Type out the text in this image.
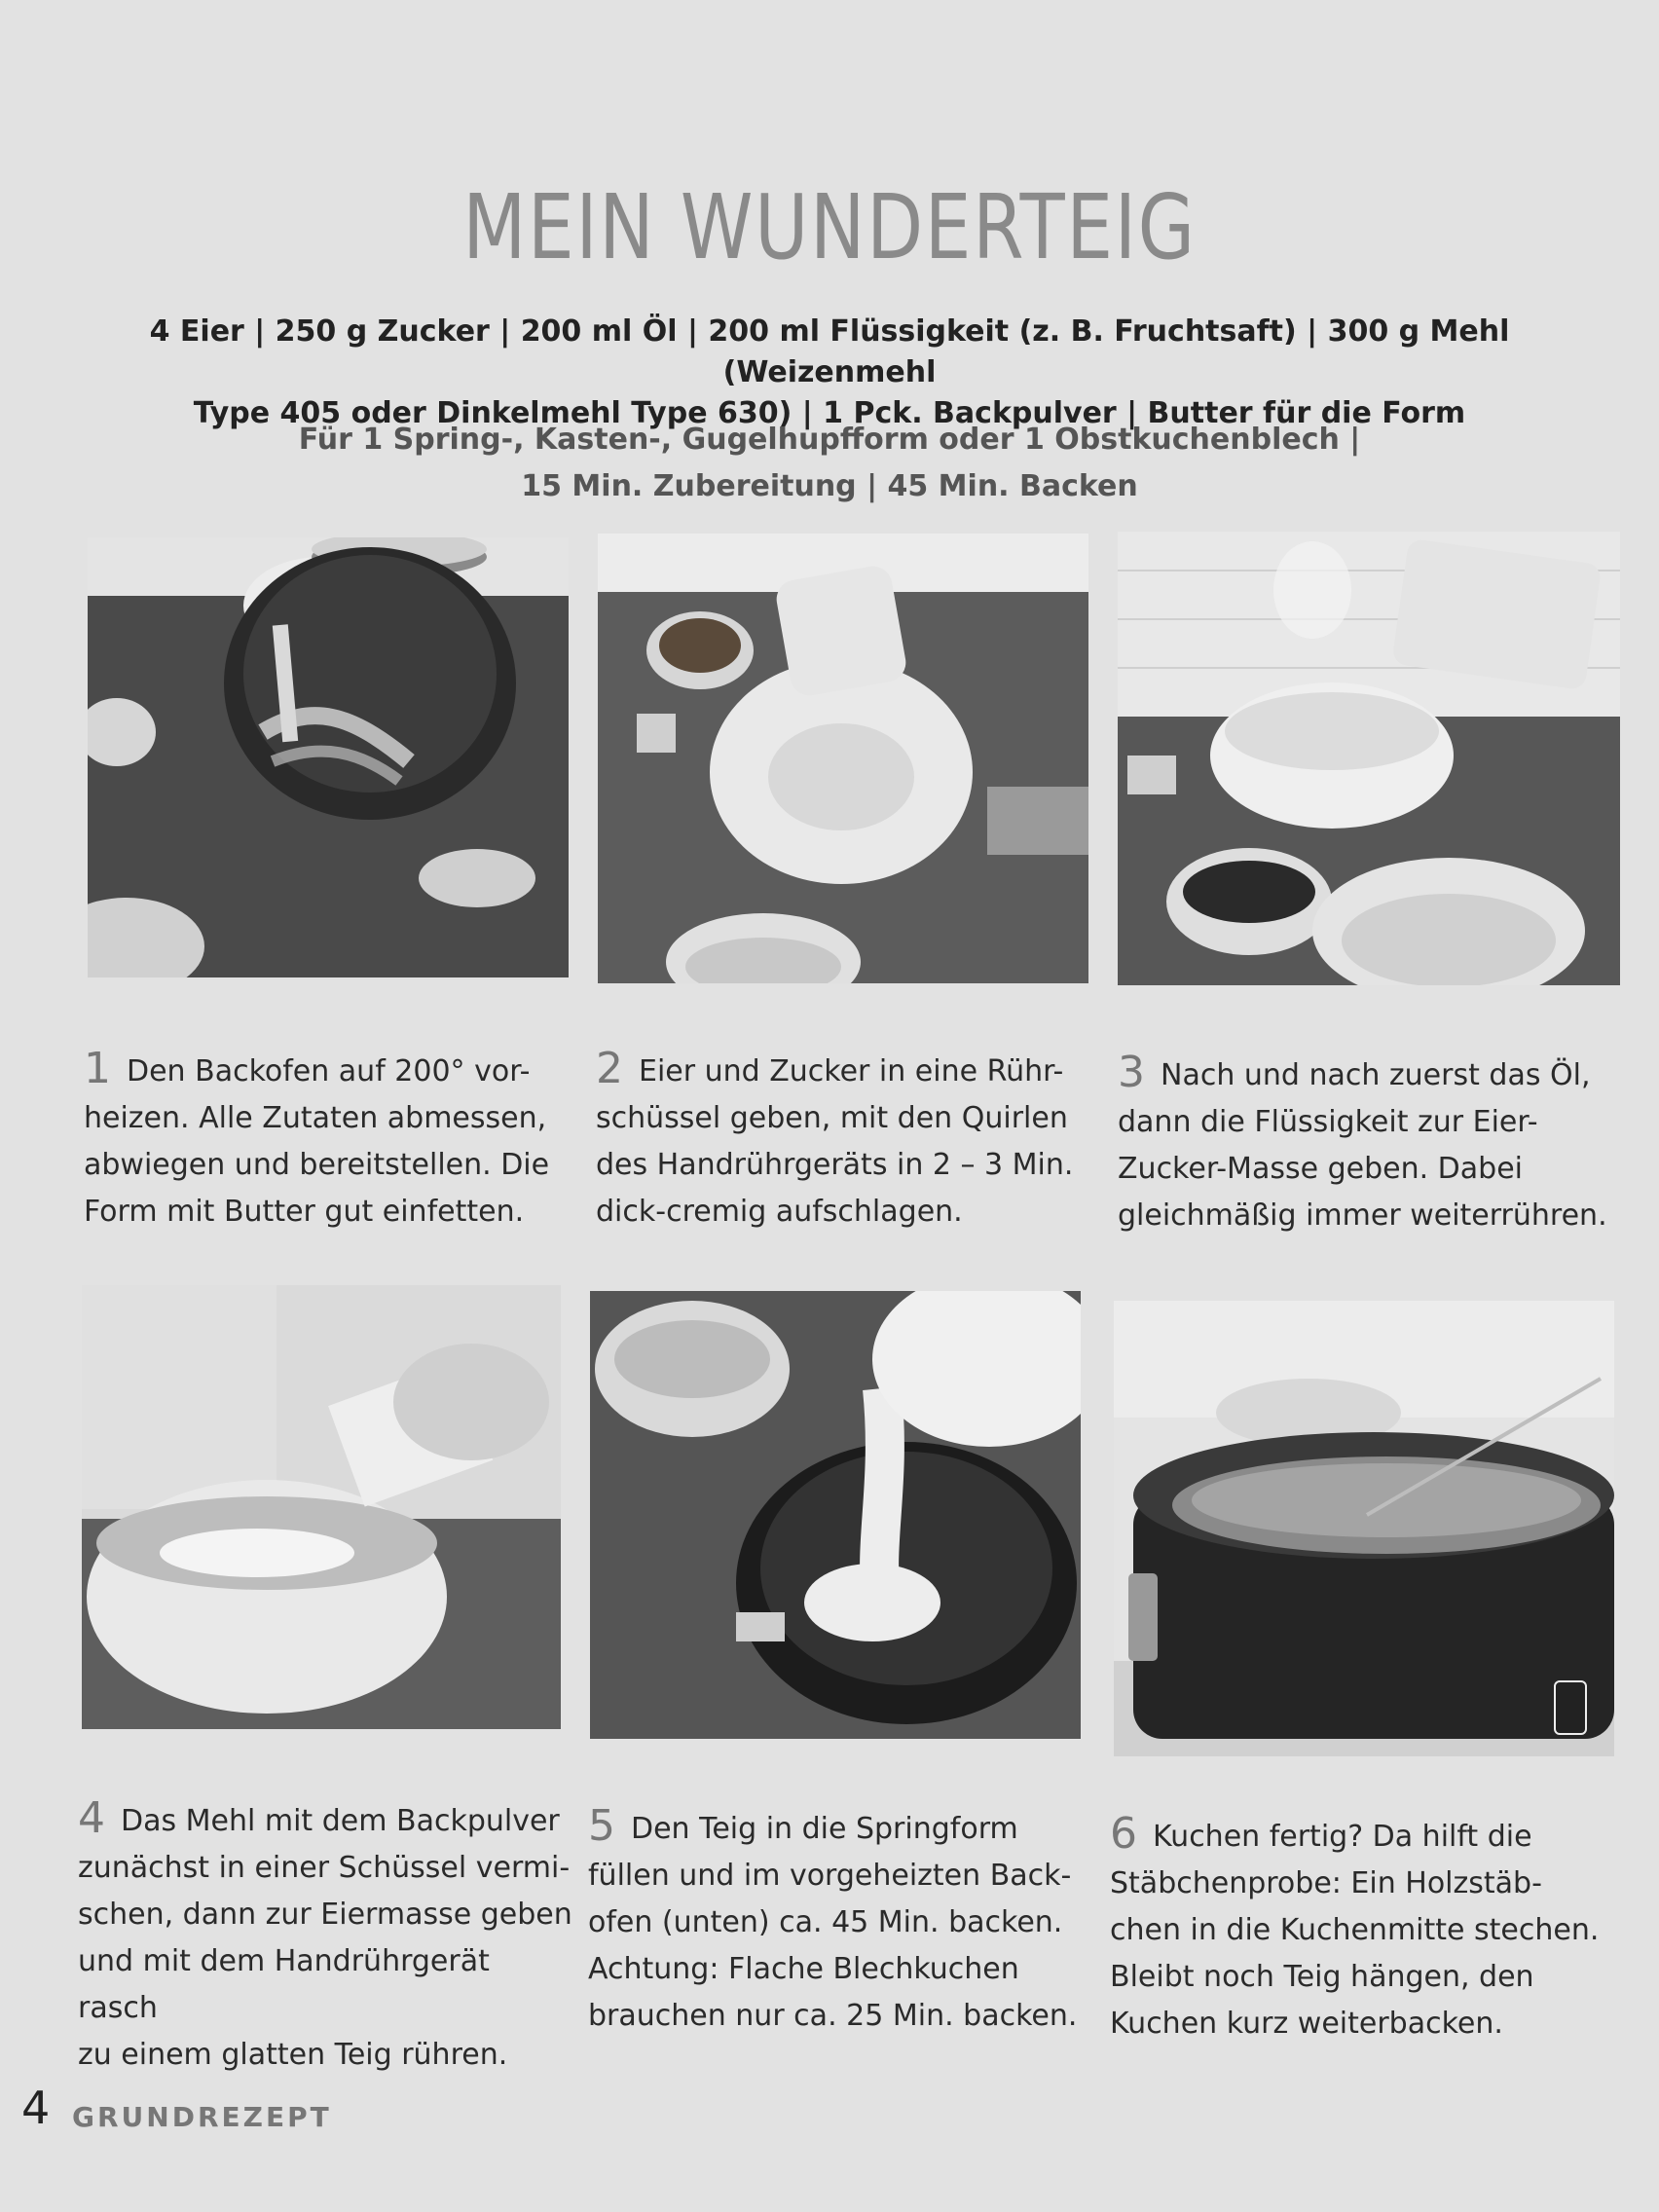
MEIN WUNDERTEIG
4 Eier | 250 g Zucker | 200 ml Öl | 200 ml Flüssigkeit (z. B. Fruchtsaft) | 300 g Mehl (Weizenmehl
Type 405 oder Dinkelmehl Type 630) | 1 Pck. Backpulver | Butter für die Form
Für 1 Spring-, Kasten-, Gugelhupfform oder 1 Obstkuchenblech |
15 Min. Zubereitung | 45 Min. Backen

1 Den Backofen auf 200° vor-
heizen. Alle Zutaten abmessen,
abwiegen und bereitstellen. Die
Form mit Butter gut einfetten.

2 Eier und Zucker in eine Rühr-
schüssel geben, mit den Quirlen
des Handrührgeräts in 2 – 3 Min.
dick-cremig aufschlagen.

3 Nach und nach zuerst das Öl,
dann die Flüssigkeit zur Eier-
Zucker-Masse geben. Dabei
gleichmäßig immer weiterrühren.

4 Das Mehl mit dem Backpulver
zunächst in einer Schüssel vermi-
schen, dann zur Eiermasse geben
und mit dem Handrührgerät rasch
zu einem glatten Teig rühren.

5 Den Teig in die Springform
füllen und im vorgeheizten Back-
ofen (unten) ca. 45 Min. backen.
Achtung: Flache Blechkuchen
brauchen nur ca. 25 Min. backen.

6 Kuchen fertig? Da hilft die
Stäbchenprobe: Ein Holzstäb-
chen in die Kuchenmitte stechen.
Bleibt noch Teig hängen, den
Kuchen kurz weiterbacken.

4 GRUNDREZEPT
